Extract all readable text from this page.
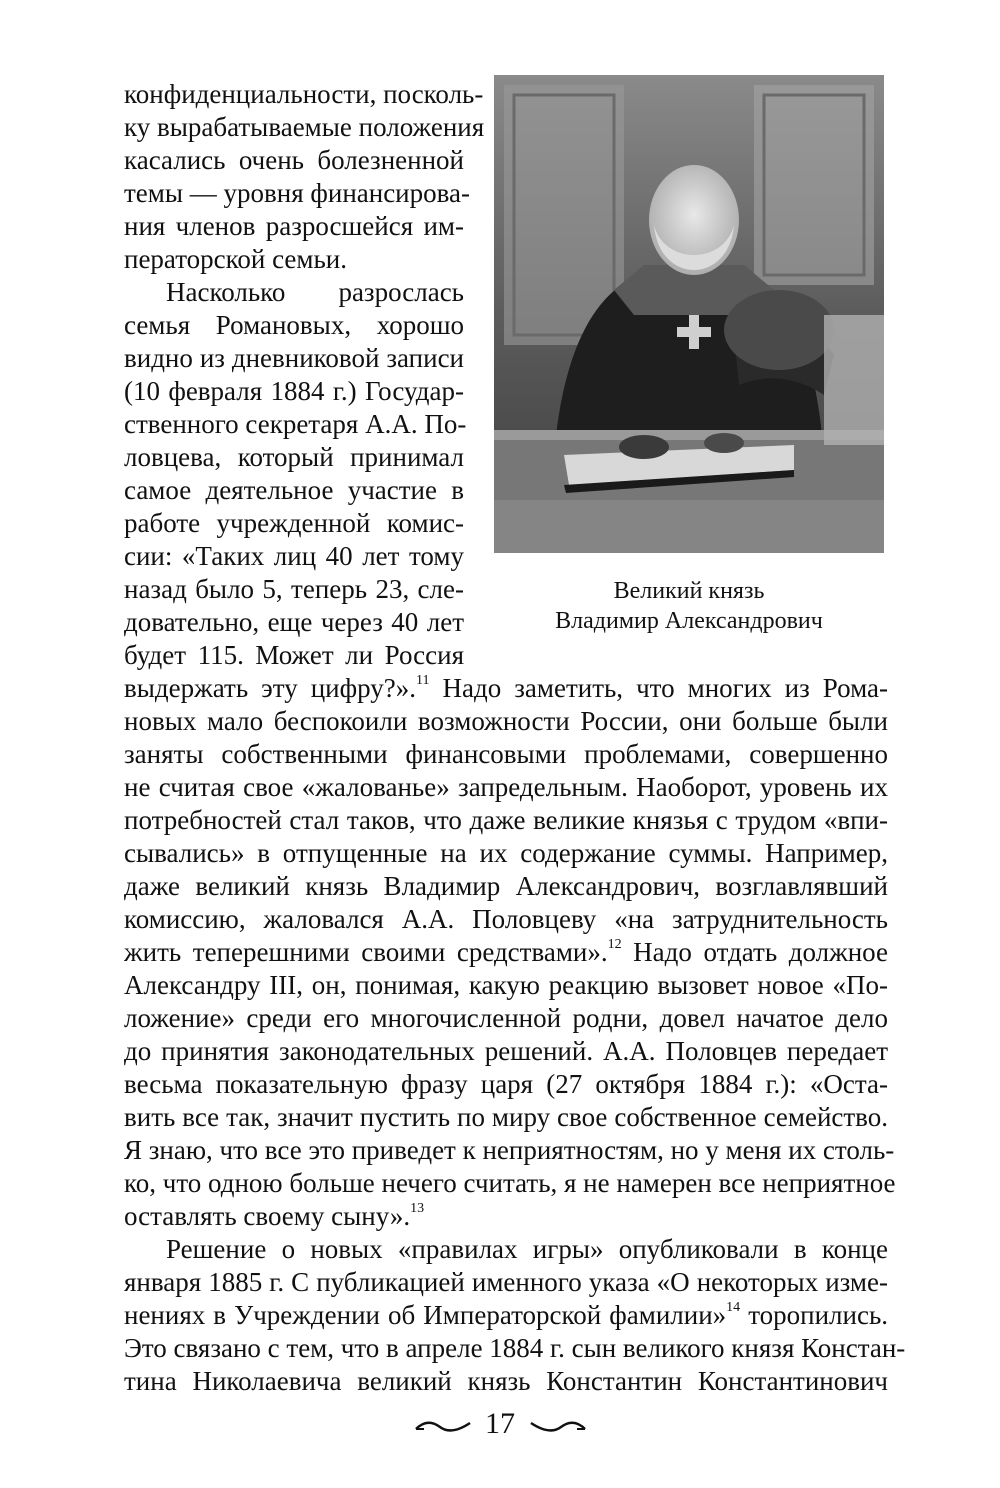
Великий князь
Владимир Александрович
конфиденциальности, посколь-
ку вырабатываемые положения
касались очень болезненной
темы — уровня финансирова-
ния членов разросшейся им-
ператорской семьи.
Насколько разрослась
семья Романовых, хорошо
видно из дневниковой записи
(10 февраля 1884 г.) Государ-
ственного секретаря А.А. По-
ловцева, который принимал
самое деятельное участие в
работе учрежденной комис-
сии: «Таких лиц 40 лет тому
назад было 5, теперь 23, сле-
довательно, еще через 40 лет
будет 115. Может ли Россия
выдержать эту цифру?».$^{11}$ Надо заметить, что многих из Рома-
новых мало беспокоили возможности России, они больше были
заняты собственными финансовыми проблемами, совершенно
не считая свое «жалованье» запредельным. Наоборот, уровень их
потребностей стал таков, что даже великие князья с трудом «впи-
сывались» в отпущенные на их содержание суммы. Например,
даже великий князь Владимир Александрович, возглавлявший
комиссию, жаловался А.А. Половцеву «на затруднительность
жить теперешними своими средствами».$^{12}$ Надо отдать должное
Александру III, он, понимая, какую реакцию вызовет новое «По-
ложение» среди его многочисленной родни, довел начатое дело
до принятия законодательных решений. А.А. Половцев передает
весьма показательную фразу царя (27 октября 1884 г.): «Оста-
вить все так, значит пустить по миру свое собственное семейство.
Я знаю, что все это приведет к неприятностям, но у меня их столь-
ко, что одною больше нечего считать, я не намерен все неприятное
оставлять своему сыну».$^{13}$
Решение о новых «правилах игры» опубликовали в конце
января 1885 г. С публикацией именного указа «О некоторых изме-
нениях в Учреждении об Императорской фамилии»$^{14}$ торопились.
Это связано с тем, что в апреле 1884 г. сын великого князя Констан-
тина Николаевича великий князь Константин Константинович
17
